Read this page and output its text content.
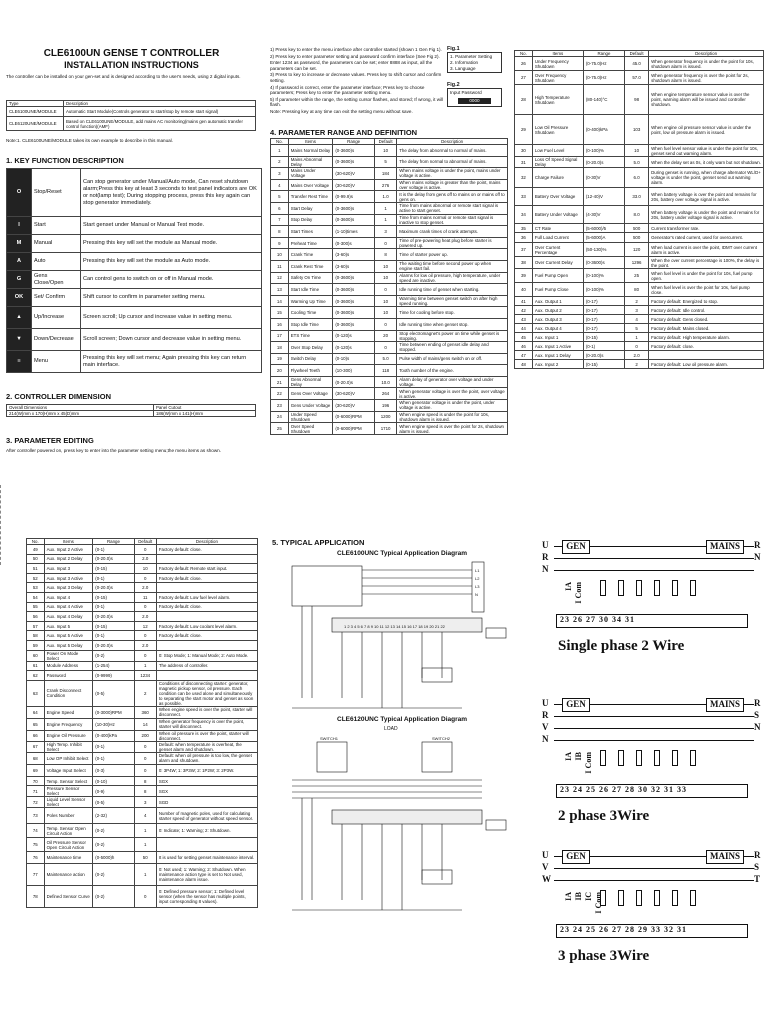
CLE6100UN GENSE T CONTROLLER
INSTALLATION INSTRUCTIONS
The controller can be installed on your gen-set and is designed according to the user's needs, using 2 digital inputs.
Type	Description
CLE6100UNE/MODULE	Automatic Start Module(Controls generator to start/stop by remote start signal)
CLE6120UNE/MODULE	Based on CLE6100UNE/MODULE, add mains AC monitoring(mains gen automatic transfer control function)(AMF)
Note:1. CLE6100UNE/MODULE takes its own example to describe in this manual.
1. KEY FUNCTION DESCRIPTION
O	Stop/Reset	Can stop generator under Manual/Auto mode, Can reset shutdown alarm;Press this key at least 3 seconds to test panel indicators are OK or not(lamp test); During stopping process, press this key again can stop generator immediately.
I	Start	Start genset under Manual or Manual Test mode.
M	Manual	Pressing this key will set the module as Manual mode.
A	Auto	Pressing this key will set the module as Auto mode.
G	Gens Close/Open	Can control gens to switch on or off in Manual mode.
OK	Set/ Confirm	Shift cursor to confirm in parameter setting menu.
▲	Up/Increase	Screen scroll; Up cursor and increase value in setting menu.
▼	Down/Decrease	Scroll screen; Down cursor and decrease value in setting menu.
≡	Menu	Pressing this key will set menu; Again pressing this key can return main interface.
2. CONTROLLER DIMENSION
Overall Dimensions	Panel Cutout
214(W)mm x 170(H)mm x 45(D)mm	186(W)mm x 141(H)mm
3. PARAMETER EDITING
After controller powered on, press key to enter into the parameter setting menu;the menu items as shown.
1) Press key to enter the menu interface after controller started (shown 1 Gen Fig 1).
2) Press key to enter parameter setting and password confirm interface (See Fig 2).
Enter 1234 as password, the parameters can be set; enter 8888 as input, all the parameters can be set.
3) Press to key to increase or decrease values. Press key to shift cursor and confirm setting.
4) If password is correct, enter the parameter interface; Press key to choose parameters; Press key to enter the parameter setting menu.
5) If parameter within the range, the setting cursor flashes, and stored; If wrong, it will flash.
Note: Pressing key at any time can exit the setting menu without save.
Fig.1
1. Parameter Setting
2. Information
3. Language
Fig.2
Input Password
0000
4. PARAMETER RANGE AND DEFINITION
No.	Items	Range	Default	Description
1	Mains Normal Delay	(0-3600)s	10	The delay from abnormal to normal of mains.
2	Mains Abnormal Delay	(0-3600)s	5	The delay from normal to abnormal of mains.
3	Mains Under Voltage	(30-620)V	184	When mains voltage is under the point, mains under voltage is active.
4	Mains Over Voltage	(30-620)V	276	When mains voltage is greater than the point, mains over voltage is active.
5	Transfer Rest Time	(0-99.9)s	1.0	It is the delay from gens off to mains on or mains off to gens on.
6	Start Delay	(0-3600)s	1	Time from mains abnormal or remote start signal is active to start genset.
7	Stop Delay	(0-3600)s	1	Time from mains normal or remote start signal is inactive to stop genset.
8	Start Times	(1-10)times	3	Maximum crank times of crank attempts.
9	Preheat Time	(0-300)s	0	Time of pre-powering heat plug before starter is powered up.
10	Crank Time	(3-60)s	8	Time of starter power up.
11	Crank Rest Time	(3-60)s	10	The waiting time before second power up when engine start fail.
12	Safety On Time	(0-3600)s	10	Alarms for low oil pressure, high temperature, under speed are inactive.
13	Start Idle Time	(0-3600)s	0	Idle running time of genset when starting.
14	Warming Up Time	(0-3600)s	10	Warming time between genset switch on after high speed running.
15	Cooling Time	(0-3600)s	10	Time for cooling before stop.
16	Stop Idle Time	(0-3600)s	0	Idle running time when genset stop.
17	ETS Time	(0-120)s	20	Stop electromagnet's power on time while genset is stopping.
18	Over Stop Delay	(0-120)s	0	Time between ending of genset idle delay and stopped.
19	Switch Delay	(0-10)s	5.0	Pulse width of mains/gens switch on or off.
20	Flywheel Teeth	(10-300)	118	Tooth number of the engine.
21	Gens Abnormal Delay	(0-20.0)s	10.0	Alarm delay of generator over voltage and under voltage.
22	Gens Over Voltage	(30-620)V	264	When generator voltage is over the point, over voltage is active.
23	Gens Under Voltage	(30-620)V	196	When generator voltage is under the point, under voltage is active.
24	Under Speed Shutdown	(0-6000)RPM	1200	When engine speed is under the point for 10s, shutdown alarm is issued.
25	Over Speed Shutdown	(0-6000)RPM	1710	When engine speed is over the point for 2s, shutdown alarm is issued.
No.	Items	Range	Default	Description
26	Under Frequency Shutdown	(0-75.0)Hz	45.0	When generator frequency is under the point for 10s, shutdown alarm is issued.
27	Over Frequency Shutdown	(0-75.0)Hz	57.0	When generator frequency is over the point for 2s, shutdown alarm is issued.
28	High Temperature Shutdown	(80-140)°C	98	When engine temperature sensor value is over the point, warning alarm will be issued and controller shutdown.
29	Low Oil Pressure Shutdown	(0-400)kPa	103	When engine oil pressure sensor value is under the point, low oil pressure alarm is issued.
30	Low Fuel Level	(0-100)%	10	When fuel level sensor value is under the point for 10s, genset send out warning alarm.
31	Loss Of Speed Signal Delay	(0-20.0)s	5.0	When the delay set as 0s, it only warn but not shutdown.
32	Charge Failure	(0-30)V	6.0	During genset is running, when charge alternator WL/D+ voltage is under the point, genset send out warning alarm.
33	Battery Over Voltage	(12-40)V	33.0	When battery voltage is over the point and remains for 20s, battery over voltage signal is active.
34	Battery Under Voltage	(4-30)V	8.0	When battery voltage is under the point and remains for 20s, battery under voltage signal is active.
35	CT Rate	(5-6000)/5	500	Current transformer rate.
36	Full Load Current	(5-6000)A	500	Generator's rated current, used for overcurrent.
37	Over Current Percentage	(50-130)%	120	When load current is over the point, IDMT over current alarm is active.
38	Over Current Delay	(0-3600)s	1296	When the over current percentage is 100%, the delay is the point.
39	Fuel Pump Open	(0-100)%	25	When fuel level is under the point for 10s, fuel pump open.
40	Fuel Pump Close	(0-100)%	80	When fuel level is over the point for 10s, fuel pump close.
41	Aux. Output 1	(0-17)	2	Factory default: Energized to stop.
42	Aux. Output 2	(0-17)	3	Factory default: Idle control.
43	Aux. Output 3	(0-17)	4	Factory default: Gens closed.
44	Aux. Output 4	(0-17)	5	Factory default: Mains closed.
45	Aux. Input 1	(0-15)	1	Factory default: High temperature alarm.
46	Aux. Input 1 Active	(0-1)	0	Factory default: close.
47	Aux. Input 1 Delay	(0-20.0)s	2.0	
48	Aux. Input 2	(0-15)	2	Factory default: Low oil pressure alarm.
No.	Items	Range	Default	Description
49	Aux. Input 2 Active	(0-1)	0	Factory default: close.
50	Aux. Input 2 Delay	(0-20.0)s	2.0	
51	Aux. Input 3	(0-15)	10	Factory default: Remote start input.
52	Aux. Input 3 Active	(0-1)	0	Factory default: close.
53	Aux. Input 3 Delay	(0-20.0)s	2.0	
54	Aux. Input 4	(0-15)	11	Factory default: Low fuel level alarm.
55	Aux. Input 4 Active	(0-1)	0	Factory default: close.
56	Aux. Input 4 Delay	(0-20.0)s	2.0	
57	Aux. Input 5	(0-15)	12	Factory default: Low coolant level alarm.
58	Aux. Input 5 Active	(0-1)	0	Factory default: close.
59	Aux. Input 5 Delay	(0-20.0)s	2.0	
60	Power On Mode Select	(0-2)	0	0: Stop Mode; 1: Manual Mode; 2: Auto Mode.
61	Module Address	(1-254)	1	The address of controller.
62	Password	(0-9999)	1234	
63	Crank Disconnect Condition	(0-5)	2	Conditions of disconnecting starter: generator, magnetic pickup sensor, oil pressure. Each condition can be used alone and simultaneously to separating the start motor and genset as soon as possible.
64	Engine Speed	(0-3000)RPM	360	When engine speed is over the point, starter will disconnect.
65	Engine Frequency	(10-30)Hz	14	When generator frequency is over the point, starter will disconnect.
66	Engine Oil Pressure	(0-400)kPa	200	When oil pressure is over the point, starter will disconnect.
67	High Temp. Inhibit Select	(0-1)	0	Default: when temperature is overheat, the genset alarm and shutdown.
68	Low OP Inhibit Select	(0-1)	0	Default: when oil pressure is too low, the genset alarm and shutdown.
69	Voltage Input Select	(0-3)	0	0: 3P4W; 1: 3P3W; 2: 1P2W; 3: 2P3W.
70	Temp. Sensor Select	(0-10)	8	SGX
71	Pressure Sensor Select	(0-9)	8	SGX
72	Liquid Level Sensor Select	(0-5)	3	SGD
73	Poles Number	(2-32)	4	Number of magnetic poles, used for calculating starter speed of generator without speed sensor.
74	Temp. Sensor Open Circuit Action	(0-2)	1	0: Indicate; 1: Warning; 2: Shutdown.
75	Oil Pressure Sensor Open Circuit Action	(0-2)	1	
76	Maintenance time	(0-5000)h	50	It is used for setting genset maintenance interval.
77	Maintenance action	(0-2)	1	0: Not used; 1: Warning; 2: Shutdown. When maintenance action type is set to Not used, maintenance alarm issue.
78	Defined Sensor Curve	(0-2)	0	0: Defined pressure sensor; 1: Defined level sensor (when the sensor has multiple points, input corresponding 8 values).
5. TYPICAL APPLICATION
CLE6100UNC Typical Application Diagram
L1
L2
L3
N
1 2 3 4 5 6 7 8 9 10 11 12 13 14 15 16 17 18 19 20 21 22
CLE6120UNC Typical Application Diagram
LOAD
SWITCH1	SWITCH2
U
R
N
R
N
GEN	MAINS
IA I Com
23 26 27 30 34 31
Single phase 2 Wire
U
R
V
N
R
S
N
GEN	MAINS
IA IB I Com
23 24 25 26 27 28 30 32 31 33
2 phase 3Wire
U
V
W
R
S
T
GEN	MAINS
IA IB IC I Com
23 24 25 26 27 28 29 33 32 31
3 phase 3Wire
